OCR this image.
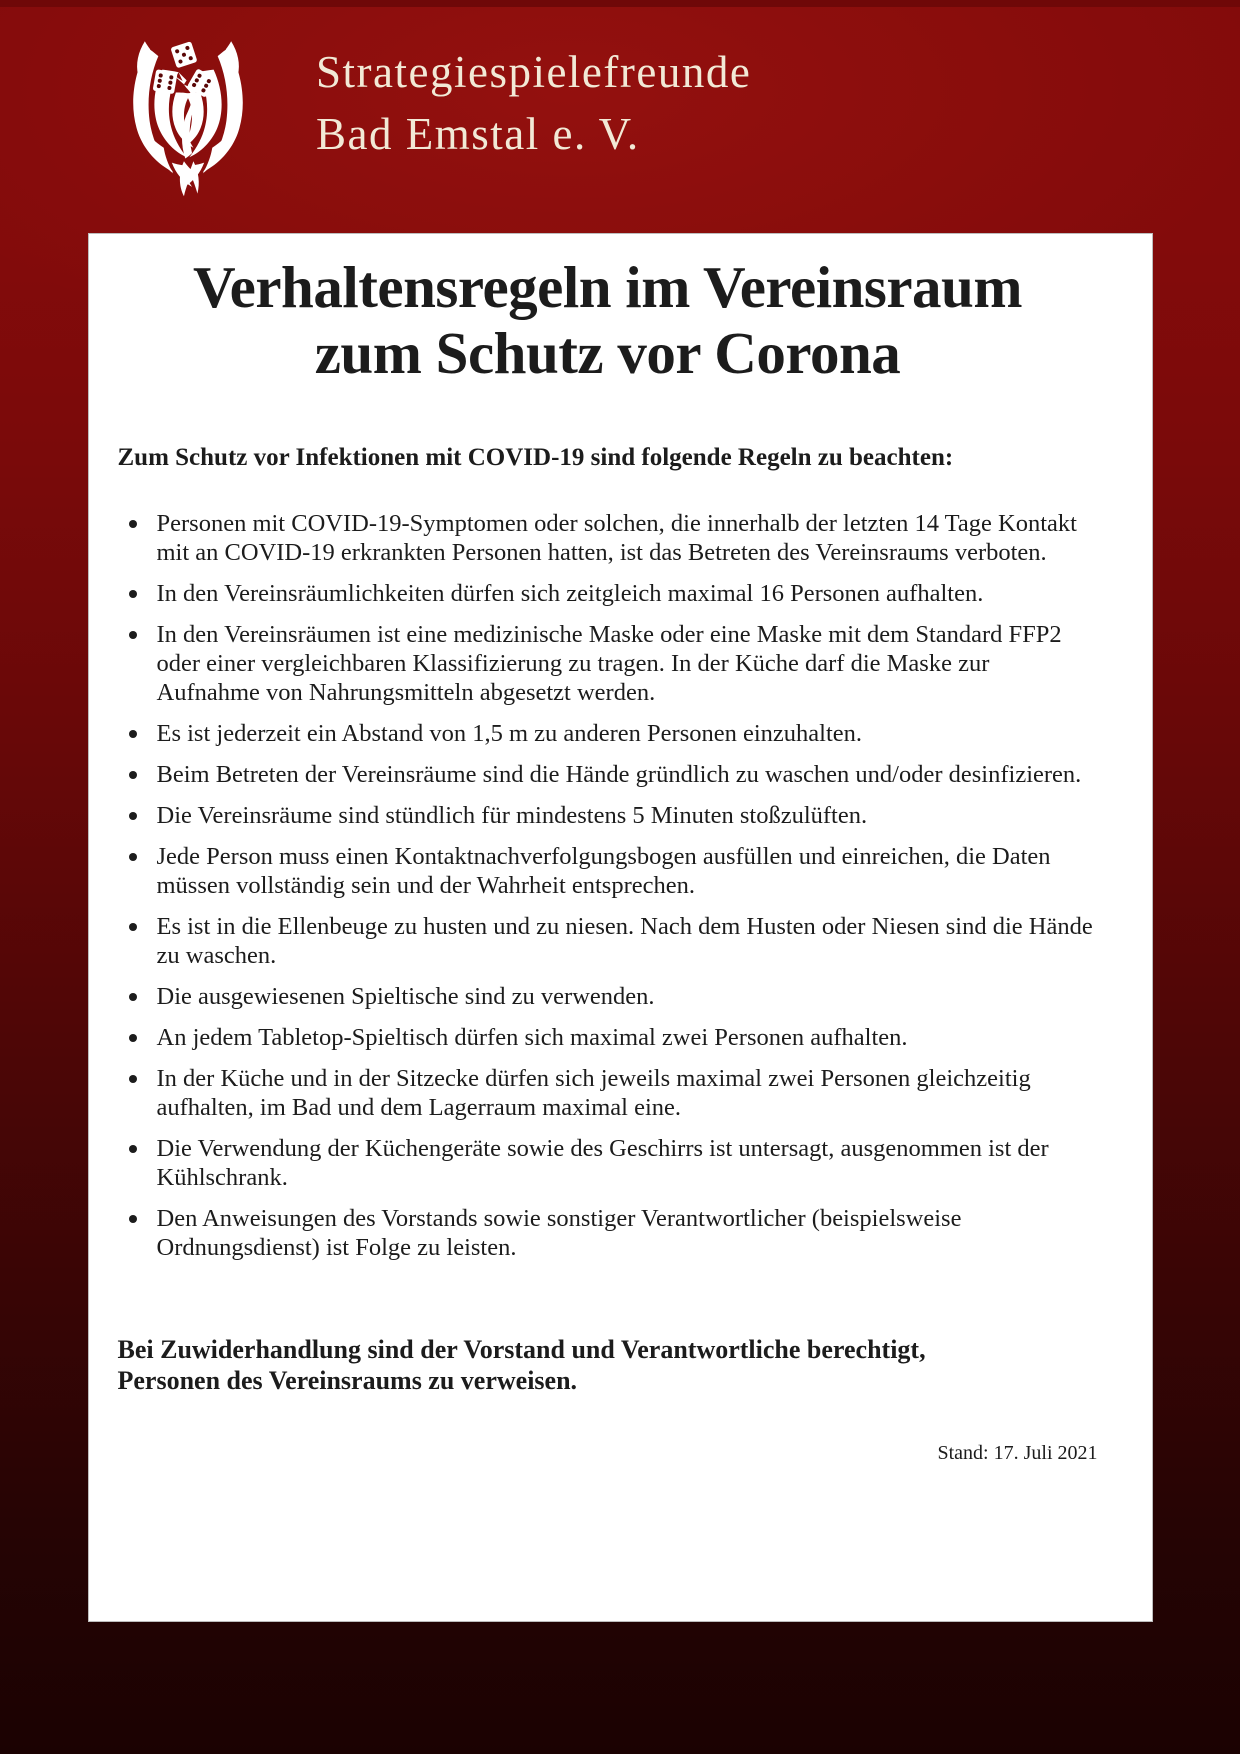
Strategiespielefreunde
Bad Emstal e. V.
Verhaltensregeln im Vereinsraum
zum Schutz vor Corona

Zum Schutz vor Infektionen mit COVID-19 sind folgende Regeln zu beachten:

Personen mit COVID-19-Symptomen oder solchen, die innerhalb der letzten 14 Tage Kontakt mit an COVID-19 erkrankten Personen hatten, ist das Betreten des Vereinsraums verboten.
In den Vereinsräumlichkeiten dürfen sich zeitgleich maximal 16 Personen aufhalten.
In den Vereinsräumen ist eine medizinische Maske oder eine Maske mit dem Standard FFP2 oder einer vergleichbaren Klassifizierung zu tragen. In der Küche darf die Maske zur Aufnahme von Nahrungsmitteln abgesetzt werden.
Es ist jederzeit ein Abstand von 1,5 m zu anderen Personen einzuhalten.
Beim Betreten der Vereinsräume sind die Hände gründlich zu waschen und/oder desinfizieren.
Die Vereinsräume sind stündlich für mindestens 5 Minuten stoßzulüften.
Jede Person muss einen Kontaktnachverfolgungsbogen ausfüllen und einreichen, die Daten müssen vollständig sein und der Wahrheit entsprechen.
Es ist in die Ellenbeuge zu husten und zu niesen. Nach dem Husten oder Niesen sind die Hände zu waschen.
Die ausgewiesenen Spieltische sind zu verwenden.
An jedem Tabletop-Spieltisch dürfen sich maximal zwei Personen aufhalten.
In der Küche und in der Sitzecke dürfen sich jeweils maximal zwei Personen gleichzeitig aufhalten, im Bad und dem Lagerraum maximal eine.
Die Verwendung der Küchengeräte sowie des Geschirrs ist untersagt, ausgenommen ist der Kühlschrank.
Den Anweisungen des Vorstands sowie sonstiger Verantwortlicher (beispielsweise Ordnungsdienst) ist Folge zu leisten.

Bei Zuwiderhandlung sind der Vorstand und Verantwortliche berechtigt,
Personen des Vereinsraums zu verweisen.

Stand: 17. Juli 2021
